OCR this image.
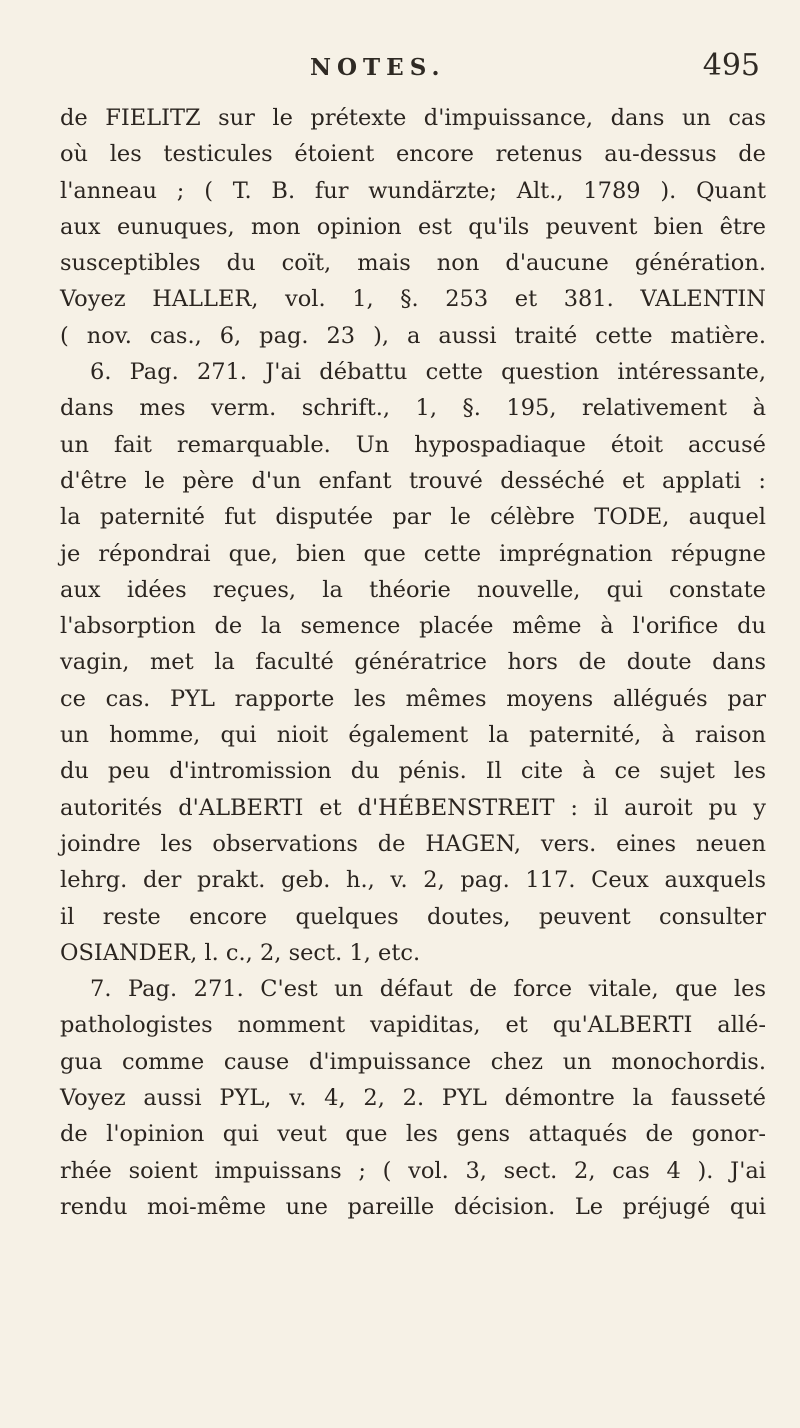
NOTES.	495
de FIELITZ sur le prétexte d'impuissance, dans un cas
où les testicules étoient encore retenus au-dessus de
l'anneau ; ( T. B. fur wundärzte; Alt., 1789 ). Quant
aux eunuques, mon opinion est qu'ils peuvent bien être
susceptibles du coït, mais non d'aucune génération.
Voyez HALLER, vol. 1, §. 253 et 381. VALENTIN
( nov. cas., 6, pag. 23 ), a aussi traité cette matière.
6. Pag. 271. J'ai débattu cette question intéressante,
dans mes verm. schrift., 1, §. 195, relativement à
un fait remarquable. Un hypospadiaque étoit accusé
d'être le père d'un enfant trouvé desséché et applati :
la paternité fut disputée par le célèbre TODE, auquel
je répondrai que, bien que cette imprégnation répugne
aux idées reçues, la théorie nouvelle, qui constate
l'absorption de la semence placée même à l'orifice du
vagin, met la faculté génératrice hors de doute dans
ce cas. PYL rapporte les mêmes moyens allégués par
un homme, qui nioit également la paternité, à raison
du peu d'intromission du pénis. Il cite à ce sujet les
autorités d'ALBERTI et d'HÉBENSTREIT : il auroit pu y
joindre les observations de HAGEN, vers. eines neuen
lehrg. der prakt. geb. h., v. 2, pag. 117. Ceux auxquels
il reste encore quelques doutes, peuvent consulter
OSIANDER, l. c., 2, sect. 1, etc.
7. Pag. 271. C'est un défaut de force vitale, que les
pathologistes nomment vapiditas, et qu'ALBERTI allé-
gua comme cause d'impuissance chez un monochordis.
Voyez aussi PYL, v. 4, 2, 2. PYL démontre la fausseté
de l'opinion qui veut que les gens attaqués de gonor-
rhée soient impuissans ; ( vol. 3, sect. 2, cas 4 ). J'ai
rendu moi-même une pareille décision. Le préjugé qui
